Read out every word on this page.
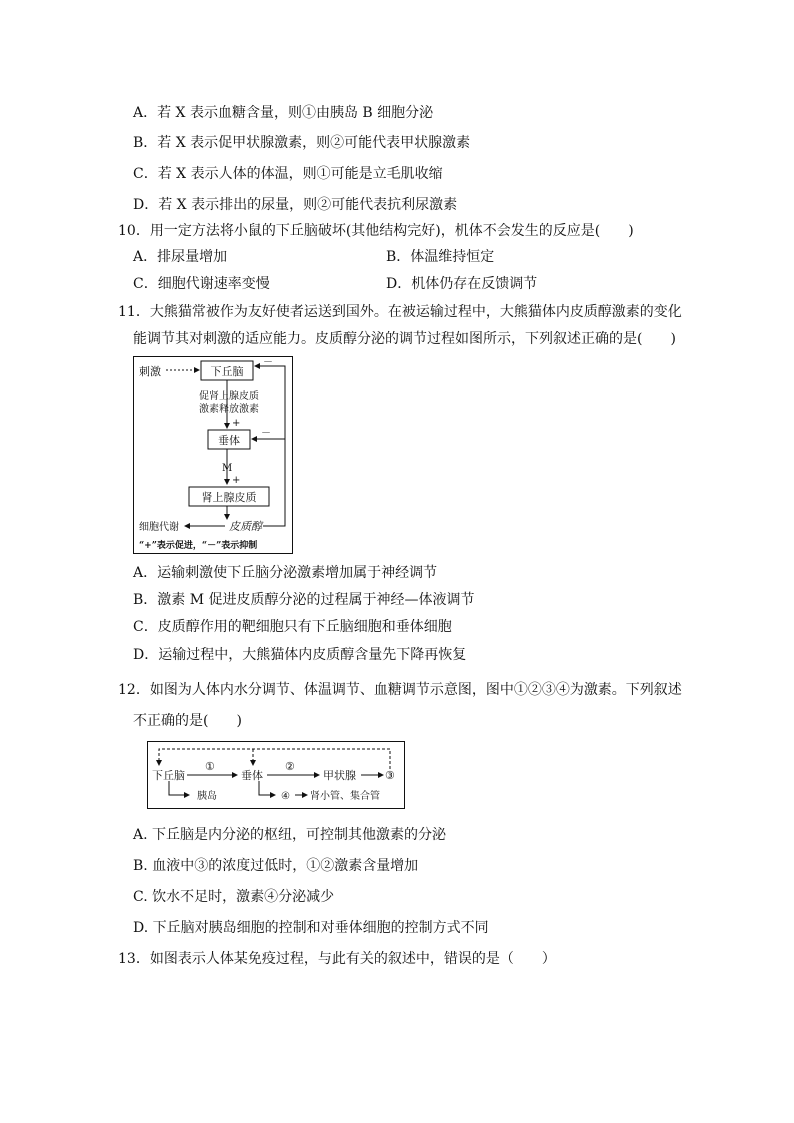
A．若 X 表示血糖含量，则①由胰岛 B 细胞分泌
B．若 X 表示促甲状腺激素，则②可能代表甲状腺激素
C．若 X 表示人体的体温，则①可能是立毛肌收缩
D．若 X 表示排出的尿量，则②可能代表抗利尿激素
10．用一定方法将小鼠的下丘脑破坏(其他结构完好)，机体不会发生的反应是(　　)
A．排尿量增加	B．体温维持恒定
C．细胞代谢速率变慢	D．机体仍存在反馈调节
11．大熊猫常被作为友好使者运送到国外。在被运输过程中，大熊猫体内皮质醇激素的变化
能调节其对刺激的适应能力。皮质醇分泌的调节过程如图所示，下列叙述正确的是(　　)
下丘脑
刺激
促肾上腺皮质
激素释放激素
+
垂体
M
+
肾上腺皮质
皮质醇
细胞代谢
－
－
“+”表示促进，“－”表示抑制
A．运输刺激使下丘脑分泌激素增加属于神经调节
B．激素 M 促进皮质醇分泌的过程属于神经—体液调节
C．皮质醇作用的靶细胞只有下丘脑细胞和垂体细胞
D．运输过程中，大熊猫体内皮质醇含量先下降再恢复
12．如图为人体内水分调节、体温调节、血糖调节示意图，图中①②③④为激素。下列叙述
不正确的是(　　)
下丘脑
①
垂体
②
甲状腺	③
胰岛	④ 肾小管、集合管
A. 下丘脑是内分泌的枢纽，可控制其他激素的分泌
B. 血液中③的浓度过低时，①②激素含量增加
C. 饮水不足时，激素④分泌减少
D. 下丘脑对胰岛细胞的控制和对垂体细胞的控制方式不同
13．如图表示人体某免疫过程，与此有关的叙述中，错误的是（　　）
